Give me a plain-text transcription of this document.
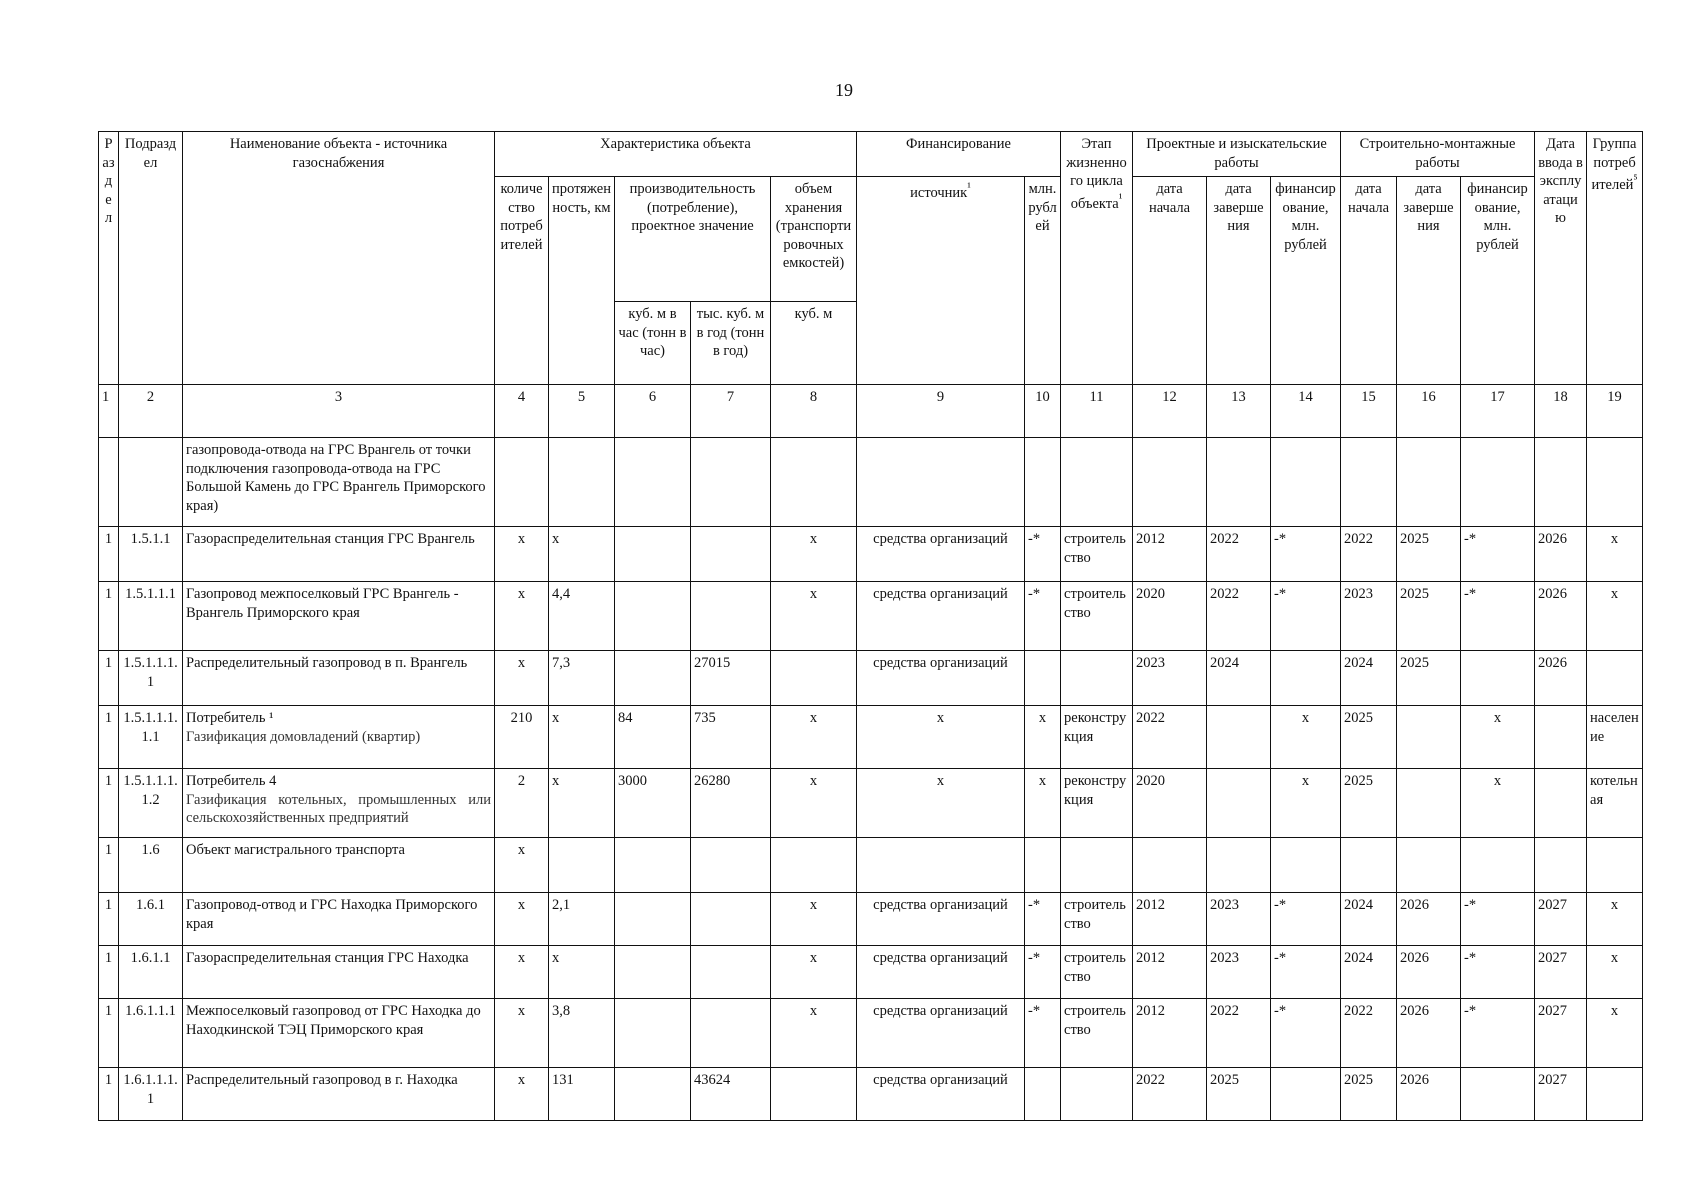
19
Раздел	Подраздел	Наименование объекта - источника газоснабжения	Характеристика объекта					Финансирование		Этап жизненного цикла объекта$^{^1}$	Проектные и изыскательские работы			Строительно-монтажные работы			Дата ввода в эксплуатацию	Группа потребителей$^{^5}$
			количество потребителей	протяженность, км	производительность (потребление), проектное значение		объем хранения (транспортировочных емкостей)	источник$^{^1}$	млн. рублей		дата начала	дата завершения	финансирование, млн. рублей	дата начала	дата завершения	финансирование, млн. рублей		
					куб. м в час (тонн в час)	тыс. куб. м в год (тонн в год)	куб. м											
1	2	3	4	5	6	7	8	9	10	11	12	13	14	15	16	17	18	19

		газопровода-отвода на ГРС Врангель от точки подключения газопровода-отвода на ГРС Большой Камень до ГРС Врангель Приморского края)																

1	1.5.1.1	Газораспределительная станция ГРС Врангель	x	x			x	средства организаций	-*	строительство	2012	2022	-*	2022	2025	-*	2026	x
1	1.5.1.1.1	Газопровод межпоселковый ГРС Врангель - Врангель Приморского края	x	4,4			x	средства организаций	-*	строительство	2020	2022	-*	2023	2025	-*	2026	x
1	1.5.1.1.1.1	Распределительный газопровод в п. Врангель	x	7,3		27015		средства организаций			2023	2024		2024	2025		2026	
1	1.5.1.1.1.1.1	Потребитель ¹
Газификация домовладений (квартир)	210	x	84	735	x	x	x	реконструкция	2022		x	2025		x		население
1	1.5.1.1.1.1.2	Потребитель 4
Газификация котельных, промышленных или сельскохозяйственных предприятий	2	x	3000	26280	x	x	x	реконструкция	2020		x	2025		x		котельная
1	1.6	Объект магистрального транспорта	x															
1	1.6.1	Газопровод-отвод и ГРС Находка Приморского края	x	2,1			x	средства организаций	-*	строительство	2012	2023	-*	2024	2026	-*	2027	x
1	1.6.1.1	Газораспределительная станция ГРС Находка	x	x			x	средства организаций	-*	строительство	2012	2023	-*	2024	2026	-*	2027	x
1	1.6.1.1.1	Межпоселковый газопровод от ГРС Находка до Находкинской ТЭЦ Приморского края	x	3,8			x	средства организаций	-*	строительство	2012	2022	-*	2022	2026	-*	2027	x
1	1.6.1.1.1.1	Распределительный газопровод в г. Находка	x	131		43624		средства организаций			2022	2025		2025	2026		2027	
